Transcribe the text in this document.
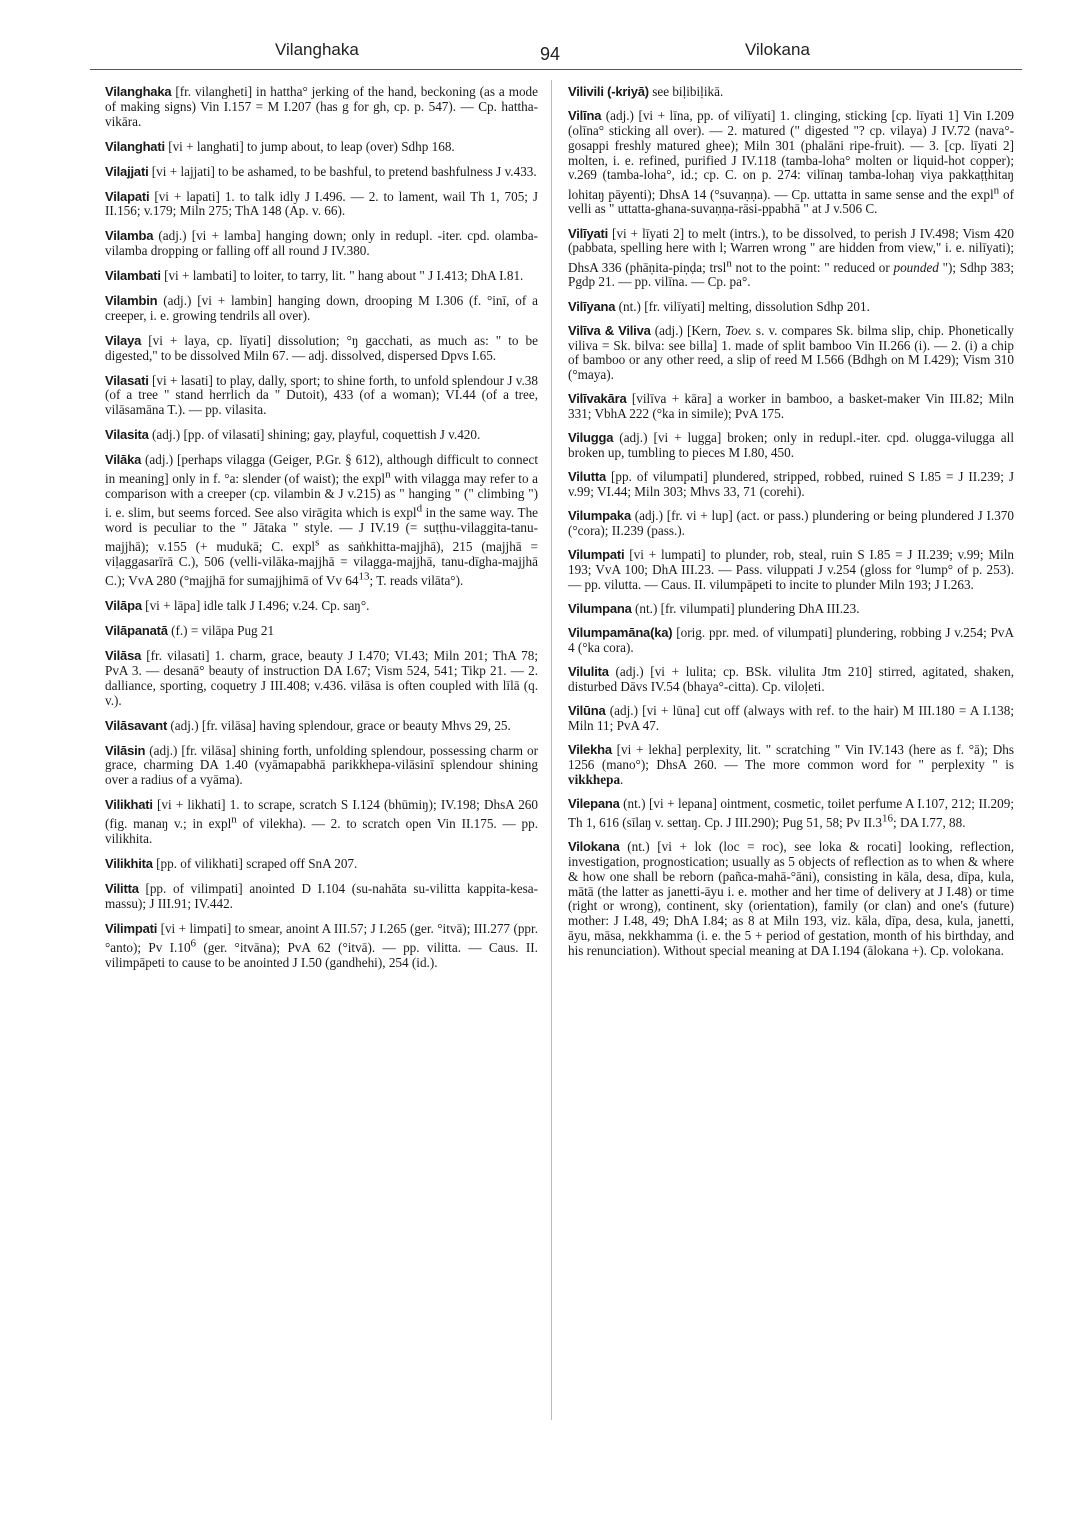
Vilanghaka	94	Vilokana

Vilanghaka [fr. vilangheti] in hattha° jerking of the hand, beckoning (as a mode of making signs) Vin I.157 = M I.207 (has g for gh, cp. p. 547). — Cp. hattha-vikāra.

Vilanghati [vi + langhati] to jump about, to leap (over) Sdhp 168.

Vilajjati [vi + lajjati] to be ashamed, to be bashful, to pretend bashfulness J v.433.

Vilapati [vi + lapati] 1. to talk idly J I.496. — 2. to lament, wail Th 1, 705; J II.156; v.179; Miln 275; ThA 148 (Ap. v. 66).

Vilamba (adj.) [vi + lamba] hanging down; only in redupl. -iter. cpd. olamba-vilamba dropping or falling off all round J IV.380.

Vilambati [vi + lambati] to loiter, to tarry, lit. " hang about " J I.413; DhA I.81.

Vilambin (adj.) [vi + lambin] hanging down, drooping M I.306 (f. °inī, of a creeper, i. e. growing tendrils all over).

Vilaya [vi + laya, cp. līyati] dissolution; °ŋ gacchati, as much as: " to be digested," to be dissolved Miln 67. — adj. dissolved, dispersed Dpvs I.65.

Vilasati [vi + lasati] to play, dally, sport; to shine forth, to unfold splendour J v.38 (of a tree " stand herrlich da " Dutoit), 433 (of a woman); VI.44 (of a tree, vilāsamāna T.). — pp. vilasita.

Vilasita (adj.) [pp. of vilasati] shining; gay, playful, coquettish J v.420.

Vilāka (adj.) [perhaps vilagga (Geiger, P.Gr. § 612), although difficult to connect in meaning] only in f. °a: slender (of waist); the expl$^n$ with vilagga may refer to a comparison with a creeper (cp. vilambin & J v.215) as " hanging " (" climbing ") i. e. slim, but seems forced. See also virāgita which is expl$^d$ in the same way. The word is peculiar to the " Jātaka " style. — J IV.19 (= suṭṭhu-vilaggita-tanu-majjhā); v.155 (+ mudukā; C. expl$^s$ as saṅkhitta-majjhā), 215 (majjhā = viḷaggasarīrā C.), 506 (velli-vilāka-majjhā = vilagga-majjhā, tanu-dīgha-majjhā C.); VvA 280 (°majjhā for sumajjhimā of Vv $64^{13}$; T. reads vilāta°).

Vilāpa [vi + lāpa] idle talk J I.496; v.24. Cp. saŋ°.

Vilāpanatā (f.) = vilāpa Pug 21

Vilāsa [fr. vilasati] 1. charm, grace, beauty J I.470; VI.43; Miln 201; ThA 78; PvA 3. — desanā° beauty of instruction DA I.67; Vism 524, 541; Tikp 21. — 2. dalliance, sporting, coquetry J III.408; v.436. vilāsa is often coupled with līlā (q. v.).

Vilāsavant (adj.) [fr. vilāsa] having splendour, grace or beauty Mhvs 29, 25.

Vilāsin (adj.) [fr. vilāsa] shining forth, unfolding splendour, possessing charm or grace, charming DA 1.40 (vyāmapabhā parikkhepa-vilāsinī splendour shining over a radius of a vyāma).

Vilikhati [vi + likhati] 1. to scrape, scratch S I.124 (bhūmiŋ); IV.198; DhsA 260 (fig. manaŋ v.; in expl$^n$ of vilekha). — 2. to scratch open Vin II.175. — pp. vilikhita.

Vilikhita [pp. of vilikhati] scraped off SnA 207.

Vilitta [pp. of vilimpati] anointed D I.104 (su-nahāta su-vilitta kappita-kesa-massu); J III.91; IV.442.

Vilimpati [vi + limpati] to smear, anoint A III.57; J I.265 (ger. °itvā); III.277 (ppr. °anto); Pv $I.10^6$ (ger. °itvāna); PvA 62 (°itvā). — pp. vilitta. — Caus. II. vilimpāpeti to cause to be anointed J I.50 (gandhehi), 254 (id.).

Vilivili (-kriyā) see biḷibiḷikā.

Vilīna (adj.) [vi + līna, pp. of vilīyati] 1. clinging, sticking [cp. līyati 1] Vin I.209 (olīna° sticking all over). — 2. matured (" digested "? cp. vilaya) J IV.72 (nava°-gosappi freshly matured ghee); Miln 301 (phalāni ripe-fruit). — 3. [cp. līyati 2] molten, i. e. refined, purified J IV.118 (tamba-loha° molten or liquid-hot copper); v.269 (tamba-loha°, id.; cp. C. on p. 274: vilīnaŋ tamba-lohaŋ viya pakkaṭṭhitaŋ lohitaŋ pāyenti); DhsA 14 (°suvaṇṇa). — Cp. uttatta in same sense and the expl$^n$ of velli as " uttatta-ghana-suvaṇṇa-rāsi-ppabhā " at J v.506 C.

Vilīyati [vi + līyati 2] to melt (intrs.), to be dissolved, to perish J IV.498; Vism 420 (pabbata, spelling here with l; Warren wrong " are hidden from view," i. e. nilīyati); DhsA 336 (phāṇita-piṇḍa; trsl$^n$ not to the point: " reduced or pounded "); Sdhp 383; Pgdp 21. — pp. vilīna. — Cp. pa°.

Vilīyana (nt.) [fr. vilīyati] melting, dissolution Sdhp 201.

Vilīva & Viliva (adj.) [Kern, Toev. s. v. compares Sk. bilma slip, chip. Phonetically viliva = Sk. bilva: see billa] 1. made of split bamboo Vin II.266 (i). — 2. (i) a chip of bamboo or any other reed, a slip of reed M I.566 (Bdhgh on M I.429); Vism 310 (°maya).

Vilīvakāra [vilīva + kāra] a worker in bamboo, a basket-maker Vin III.82; Miln 331; VbhA 222 (°ka in simile); PvA 175.

Vilugga (adj.) [vi + lugga] broken; only in redupl.-iter. cpd. olugga-vilugga all broken up, tumbling to pieces M I.80, 450.

Vilutta [pp. of vilumpati] plundered, stripped, robbed, ruined S I.85 = J II.239; J v.99; VI.44; Miln 303; Mhvs 33, 71 (corehi).

Vilumpaka (adj.) [fr. vi + lup] (act. or pass.) plundering or being plundered J I.370 (°cora); II.239 (pass.).

Vilumpati [vi + lumpati] to plunder, rob, steal, ruin S I.85 = J II.239; v.99; Miln 193; VvA 100; DhA III.23. — Pass. viluppati J v.254 (gloss for °lump° of p. 253). — pp. vilutta. — Caus. II. vilumpāpeti to incite to plunder Miln 193; J I.263.

Vilumpana (nt.) [fr. vilumpati] plundering DhA III.23.

Vilumpamāna(ka) [orig. ppr. med. of vilumpati] plundering, robbing J v.254; PvA 4 (°ka cora).

Vilulita (adj.) [vi + lulita; cp. BSk. vilulita Jtm 210] stirred, agitated, shaken, disturbed Dāvs IV.54 (bhaya°-citta). Cp. viloḷeti.

Vilūna (adj.) [vi + lūna] cut off (always with ref. to the hair) M III.180 = A I.138; Miln 11; PvA 47.

Vilekha [vi + lekha] perplexity, lit. " scratching " Vin IV.143 (here as f. °ā); Dhs 1256 (mano°); DhsA 260. — The more common word for " perplexity " is vikkhepa.

Vilepana (nt.) [vi + lepana] ointment, cosmetic, toilet perfume A I.107, 212; II.209; Th 1, 616 (sīlaŋ v. settaŋ. Cp. J III.290); Pug 51, 58; Pv $II.3^{16}$; DA I.77, 88.

Vilokana (nt.) [vi + lok (loc = roc), see loka & rocati] looking, reflection, investigation, prognostication; usually as 5 objects of reflection as to when & where & how one shall be reborn (pañca-mahā-°āni), consisting in kāla, desa, dīpa, kula, mātā (the latter as janetti-āyu i. e. mother and her time of delivery at J I.48) or time (right or wrong), continent, sky (orientation), family (or clan) and one's (future) mother: J I.48, 49; DhA I.84; as 8 at Miln 193, viz. kāla, dīpa, desa, kula, janetti, āyu, māsa, nekkhamma (i. e. the 5 + period of gestation, month of his birthday, and his renunciation). Without special meaning at DA I.194 (ālokana +). Cp. volokana.
